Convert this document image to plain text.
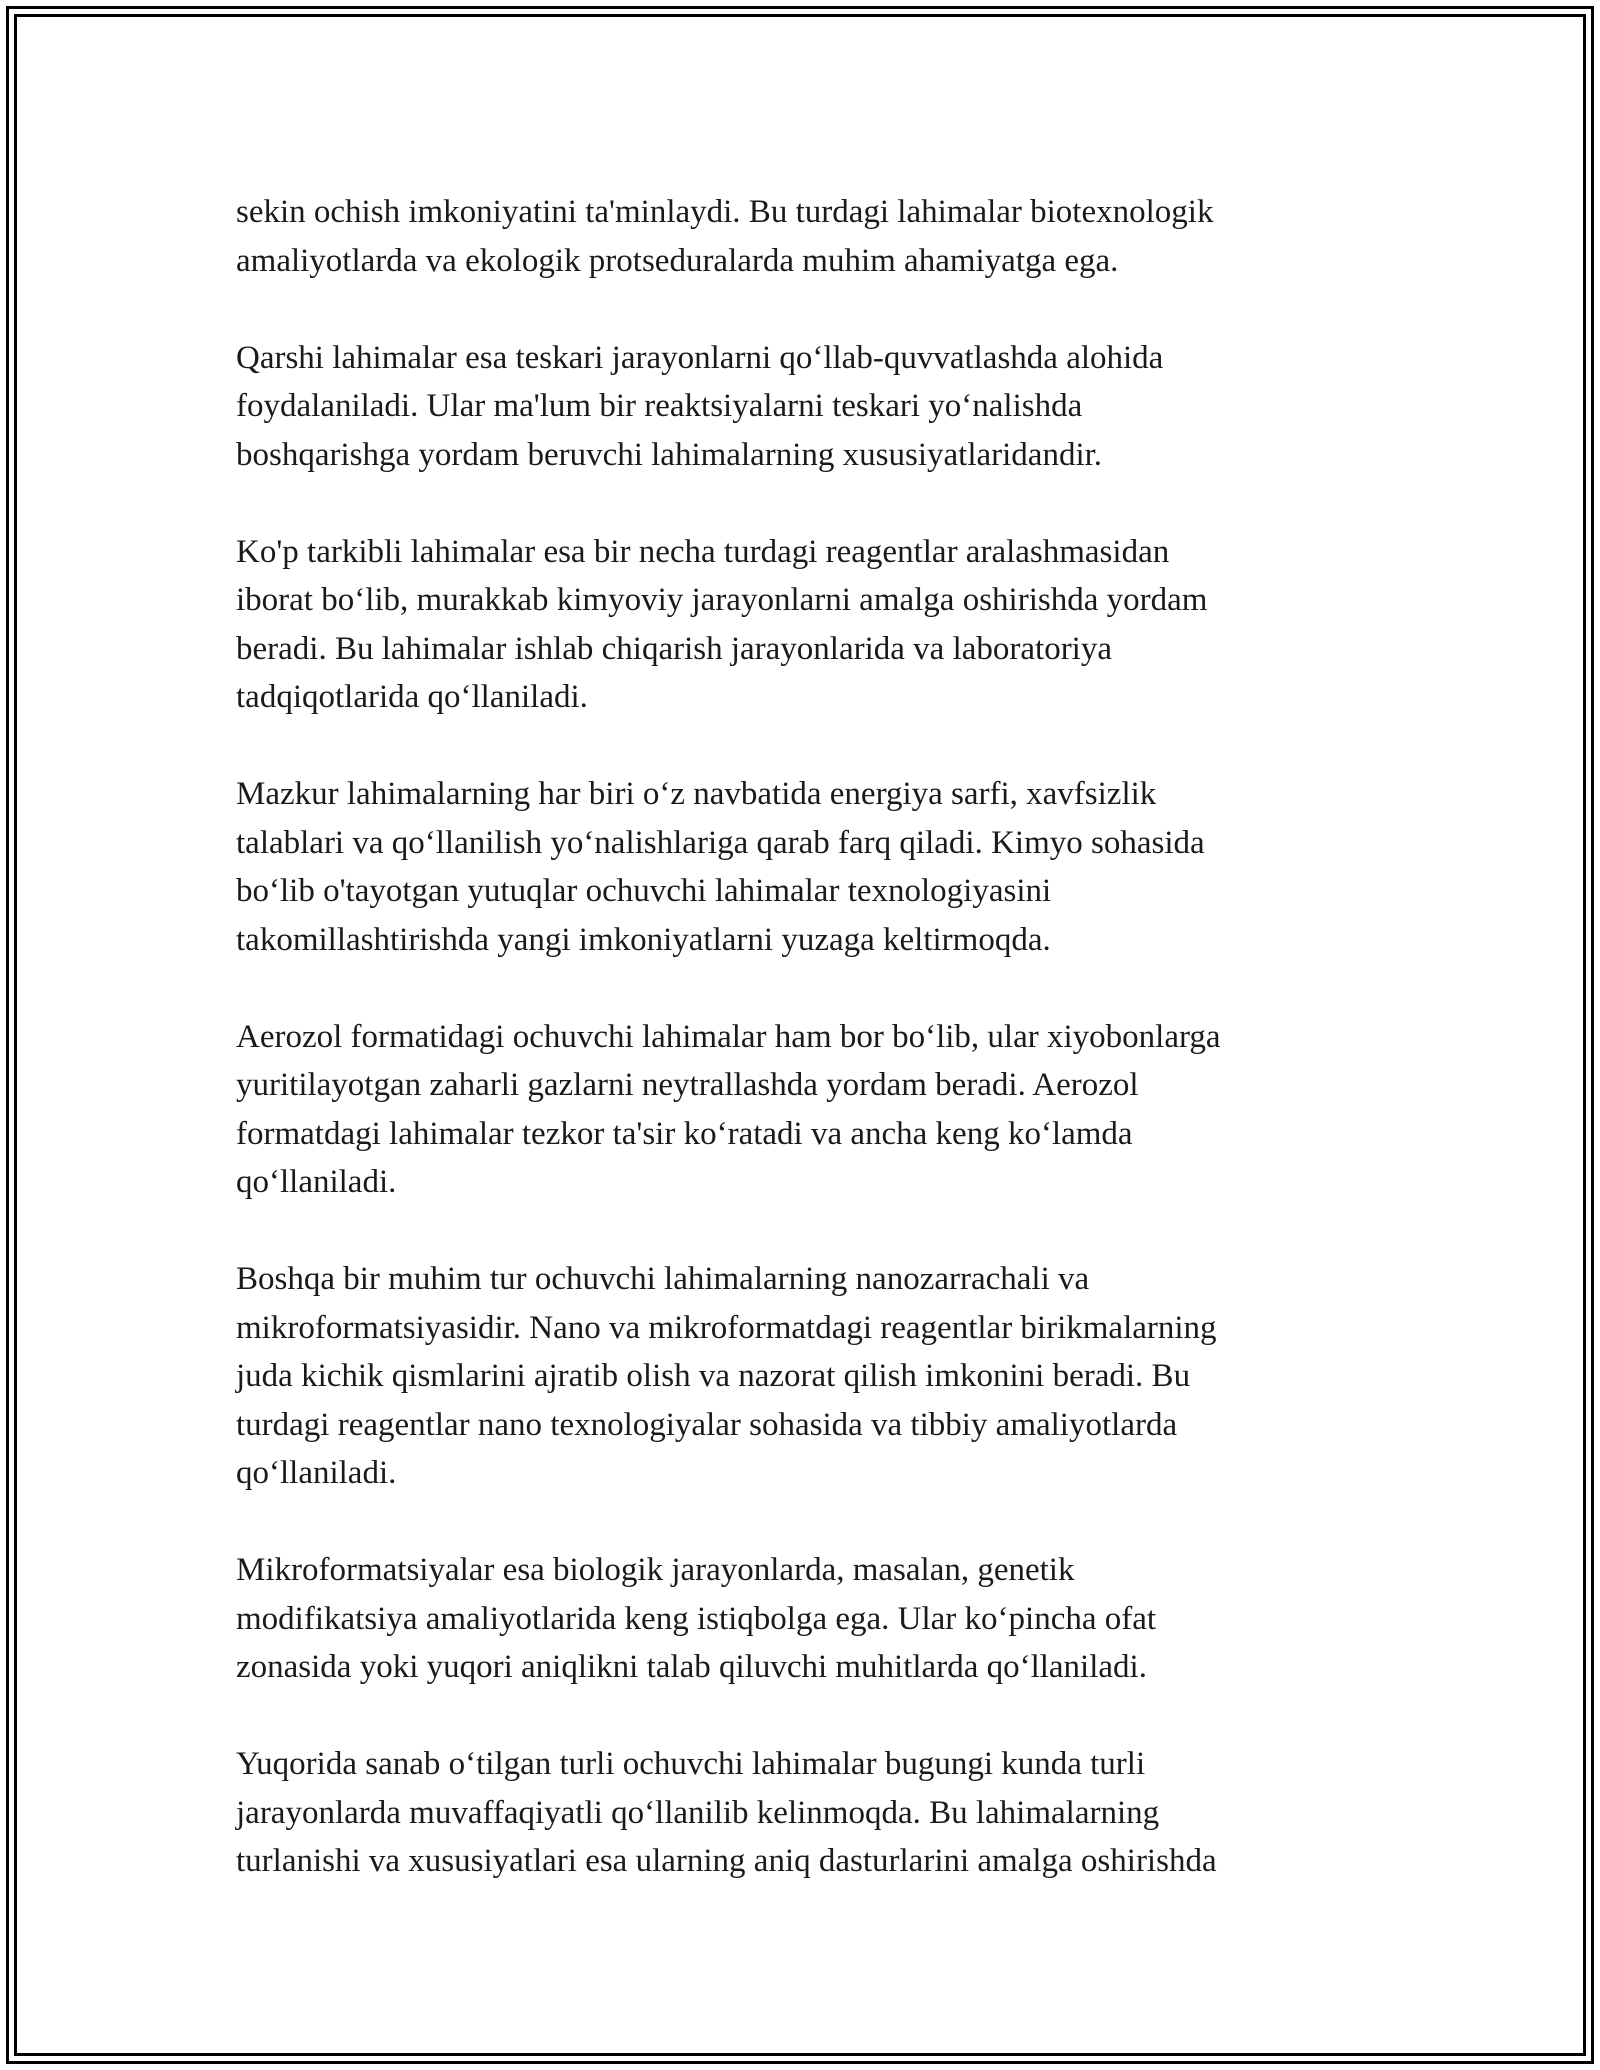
sekin ochish imkoniyatini ta'minlaydi. Bu turdagi lahimalar biotexnologik
amaliyotlarda va ekologik protseduralarda muhim ahamiyatga ega.

Qarshi lahimalar esa teskari jarayonlarni qo‘llab-quvvatlashda alohida
foydalaniladi. Ular ma'lum bir reaktsiyalarni teskari yo‘nalishda
boshqarishga yordam beruvchi lahimalarning xususiyatlaridandir.

Ko'p tarkibli lahimalar esa bir necha turdagi reagentlar aralashmasidan
iborat bo‘lib, murakkab kimyoviy jarayonlarni amalga oshirishda yordam
beradi. Bu lahimalar ishlab chiqarish jarayonlarida va laboratoriya
tadqiqotlarida qo‘llaniladi.

Mazkur lahimalarning har biri o‘z navbatida energiya sarfi, xavfsizlik
talablari va qo‘llanilish yo‘nalishlariga qarab farq qiladi. Kimyo sohasida
bo‘lib o'tayotgan yutuqlar ochuvchi lahimalar texnologiyasini
takomillashtirishda yangi imkoniyatlarni yuzaga keltirmoqda.

Aerozol formatidagi ochuvchi lahimalar ham bor bo‘lib, ular xiyobonlarga
yuritilayotgan zaharli gazlarni neytrallashda yordam beradi. Aerozol
formatdagi lahimalar tezkor ta'sir ko‘ratadi va ancha keng ko‘lamda
qo‘llaniladi.

Boshqa bir muhim tur ochuvchi lahimalarning nanozarrachali va
mikroformatsiyasidir. Nano va mikroformatdagi reagentlar birikmalarning
juda kichik qismlarini ajratib olish va nazorat qilish imkonini beradi. Bu
turdagi reagentlar nano texnologiyalar sohasida va tibbiy amaliyotlarda
qo‘llaniladi.

Mikroformatsiyalar esa biologik jarayonlarda, masalan, genetik
modifikatsiya amaliyotlarida keng istiqbolga ega. Ular ko‘pincha ofat
zonasida yoki yuqori aniqlikni talab qiluvchi muhitlarda qo‘llaniladi.

Yuqorida sanab o‘tilgan turli ochuvchi lahimalar bugungi kunda turli
jarayonlarda muvaffaqiyatli qo‘llanilib kelinmoqda. Bu lahimalarning
turlanishi va xususiyatlari esa ularning aniq dasturlarini amalga oshirishda
